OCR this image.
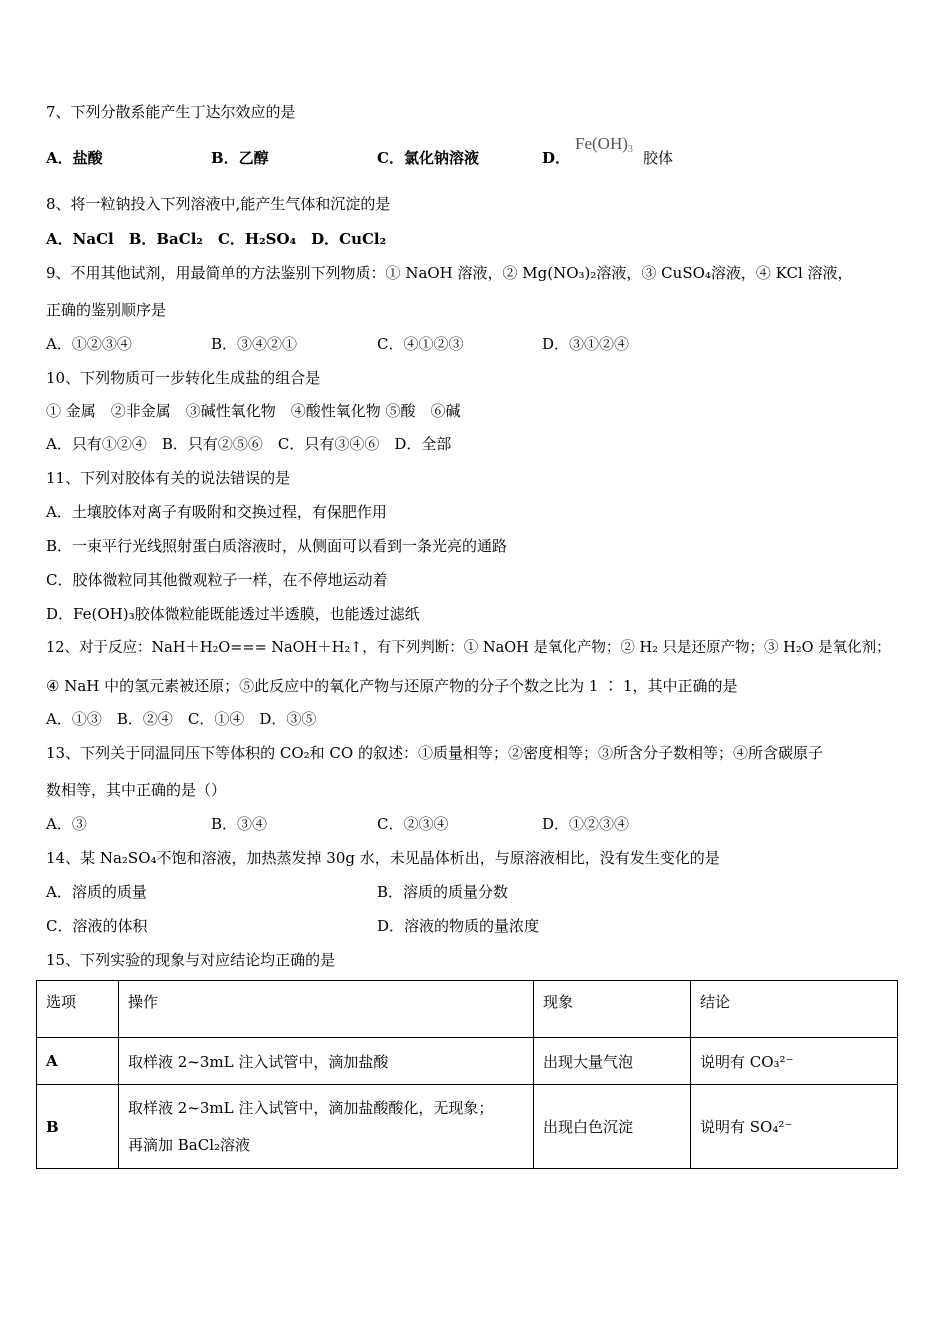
7、下列分散系能产生丁达尔效应的是
A．盐酸	B．乙醇	C．氯化钠溶液	D．
$Fe(OH)_3$ 胶体
8、将一粒钠投入下列溶液中,能产生气体和沉淀的是
A．NaCl　B．BaCl₂　C．H₂SO₄　D．CuCl₂
9、不用其他试剂，用最简单的方法鉴别下列物质：① NaOH 溶液，② Mg(NO₃)₂溶液，③ CuSO₄溶液，④ KCl 溶液，
正确的鉴别顺序是
A．①②③④	B．③④②①	C．④①②③	D．③①②④
10、下列物质可一步转化生成盐的组合是
① 金属　②非金属　③碱性氧化物　④酸性氧化物 ⑤酸　⑥碱
A．只有①②④　B．只有②⑤⑥　C．只有③④⑥　D．全部
11、下列对胶体有关的说法错误的是
A．土壤胶体对离子有吸附和交换过程，有保肥作用
B．一束平行光线照射蛋白质溶液时，从侧面可以看到一条光亮的通路
C．胶体微粒同其他微观粒子一样，在不停地运动着
D．Fe(OH)₃胶体微粒能既能透过半透膜，也能透过滤纸
12、对于反应：NaH＋H₂O=== NaOH＋H₂↑，有下列判断：① NaOH 是氧化产物；② H₂ 只是还原产物；③ H₂O 是氧化剂；
④ NaH 中的氢元素被还原；⑤此反应中的氧化产物与还原产物的分子个数之比为 1 ∶ 1，其中正确的是
A．①③　B．②④　C．①④　D．③⑤
13、下列关于同温同压下等体积的 CO₂和 CO 的叙述：①质量相等；②密度相等；③所含分子数相等；④所含碳原子
数相等，其中正确的是（）
A．③	B．③④	C．②③④	D．①②③④
14、某 Na₂SO₄不饱和溶液，加热蒸发掉 30g 水，未见晶体析出，与原溶液相比，没有发生变化的是
A．溶质的质量	B．溶质的质量分数
C．溶液的体积	D．溶液的物质的量浓度
15、下列实验的现象与对应结论均正确的是
选项	操作	现象	结论
A	取样液 2~3mL 注入试管中，滴加盐酸	出现大量气泡	说明有 CO₃²⁻
B	取样液 2~3mL 注入试管中，滴加盐酸酸化，无现象；
再滴加 BaCl₂溶液	出现白色沉淀	说明有 SO₄²⁻
